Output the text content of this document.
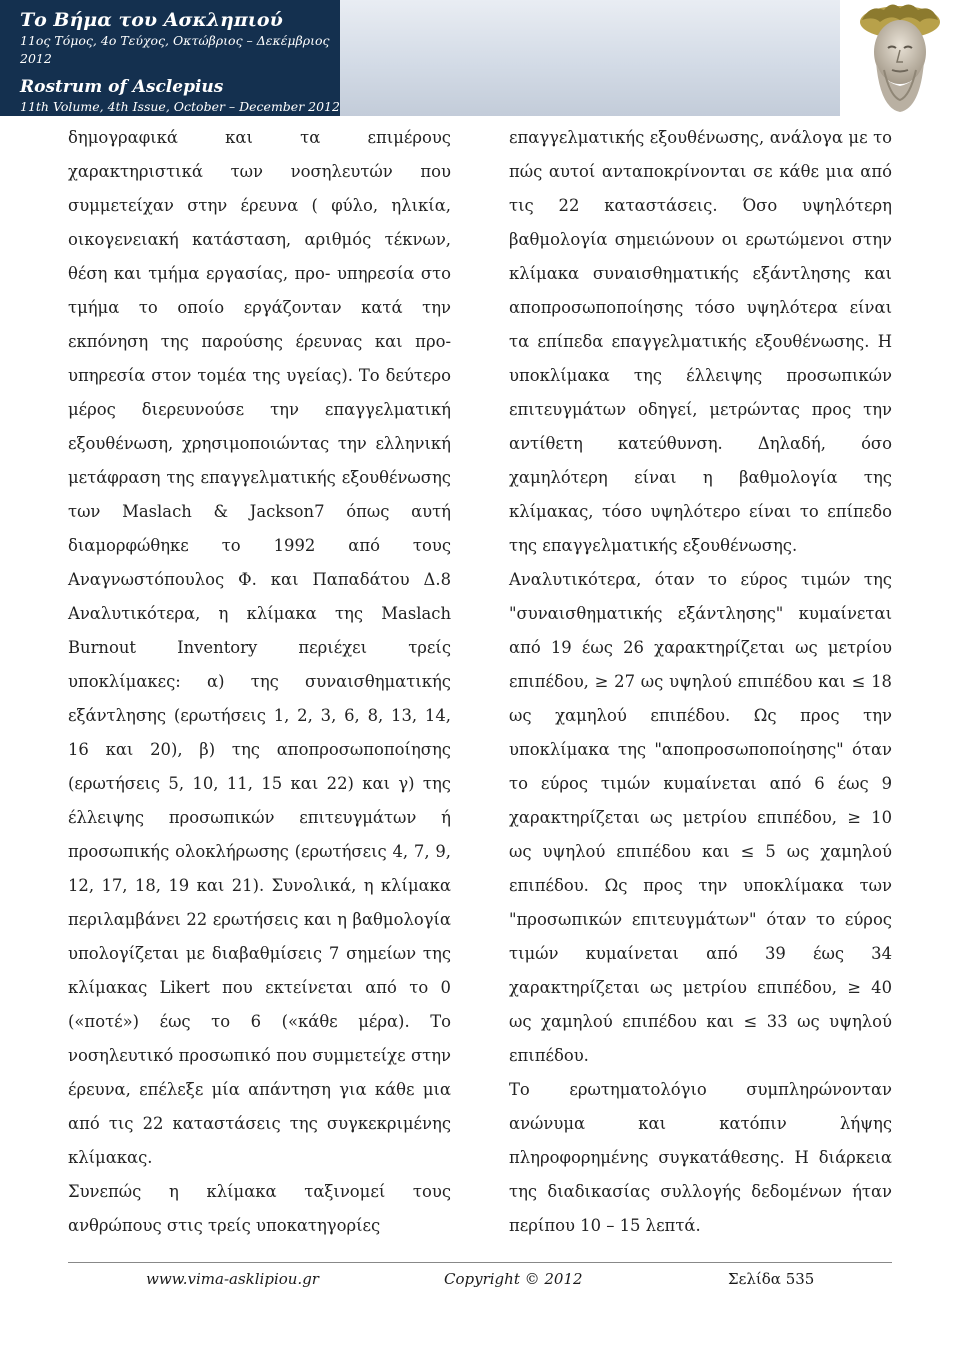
Το Βήμα του Ασκληπιού
11ος Τόμος, 4ο Τεύχος, Οκτώβριος – Δεκέμβριος 2012
Rostrum of Asclepius
11th Volume, 4th Issue, October – December 2012

δημογραφικά και τα επιμέρους χαρακτηριστικά των νοσηλευτών που συμμετείχαν στην έρευνα ( φύλο, ηλικία, οικογενειακή κατάσταση, αριθμός τέκνων, θέση και τμήμα εργασίας, προ- υπηρεσία στο τμήμα το οποίο εργάζονταν κατά την εκπόνηση της παρούσης έρευνας και προ-υπηρεσία στον τομέα της υγείας). Το δεύτερο μέρος διερευνούσε την επαγγελματική εξουθένωση, χρησιμοποιώντας την ελληνική μετάφραση της επαγγελματικής εξουθένωσης των Maslach & Jackson7 όπως αυτή διαμορφώθηκε το 1992 από τους Αναγνωστόπουλος Φ. και Παπαδάτου Δ.8 Αναλυτικότερα, η κλίμακα της Maslach Burnout Inventory περιέχει τρείς υποκλίμακες: α) της συναισθηματικής εξάντλησης (ερωτήσεις 1, 2, 3, 6, 8, 13, 14, 16 και 20), β) της αποπροσωποποίησης (ερωτήσεις 5, 10, 11, 15 και 22) και γ) της έλλειψης προσωπικών επιτευγμάτων ή προσωπικής ολοκλήρωσης (ερωτήσεις 4, 7, 9, 12, 17, 18, 19 και 21). Συνολικά, η κλίμακα περιλαμβάνει 22 ερωτήσεις και η βαθμολογία υπολογίζεται με διαβαθμίσεις 7 σημείων της κλίμακας Likert που εκτείνεται από το 0 («ποτέ») έως το 6 («κάθε μέρα). Το νοσηλευτικό προσωπικό που συμμετείχε στην έρευνα, επέλεξε μία απάντηση για κάθε μια από τις 22 καταστάσεις της συγκεκριμένης κλίμακας.

Συνεπώς η κλίμακα ταξινομεί τους ανθρώπους στις τρείς υποκατηγορίες

επαγγελματικής εξουθένωσης, ανάλογα με το πώς αυτοί ανταποκρίνονται σε κάθε μια από τις 22 καταστάσεις. Όσο υψηλότερη βαθμολογία σημειώνουν οι ερωτώμενοι στην κλίμακα συναισθηματικής εξάντλησης και αποπροσωποποίησης τόσο υψηλότερα είναι τα επίπεδα επαγγελματικής εξουθένωσης. Η υποκλίμακα της έλλειψης προσωπικών επιτευγμάτων οδηγεί, μετρώντας προς την αντίθετη κατεύθυνση. Δηλαδή, όσο χαμηλότερη είναι η βαθμολογία της κλίμακας, τόσο υψηλότερο είναι το επίπεδο της επαγγελματικής εξουθένωσης.

Αναλυτικότερα, όταν το εύρος τιμών της "συναισθηματικής εξάντλησης" κυμαίνεται από 19 έως 26 χαρακτηρίζεται ως μετρίου επιπέδου, ≥ 27 ως υψηλού επιπέδου και ≤ 18 ως χαμηλού επιπέδου. Ως προς την υποκλίμακα της "αποπροσωποποίησης" όταν το εύρος τιμών κυμαίνεται από 6 έως 9 χαρακτηρίζεται ως μετρίου επιπέδου, ≥ 10 ως υψηλού επιπέδου και ≤ 5 ως χαμηλού επιπέδου. Ως προς την υποκλίμακα των "προσωπικών επιτευγμάτων" όταν το εύρος τιμών κυμαίνεται από 39 έως 34 χαρακτηρίζεται ως μετρίου επιπέδου, ≥ 40 ως χαμηλού επιπέδου και ≤ 33 ως υψηλού επιπέδου.

Το ερωτηματολόγιο συμπληρώνονταν ανώνυμα και κατόπιν λήψης πληροφορημένης συγκατάθεσης. Η διάρκεια της διαδικασίας συλλογής δεδομένων ήταν περίπου 10 – 15 λεπτά.

www.vima-asklipiou.gr	Copyright © 2012	Σελίδα 535
